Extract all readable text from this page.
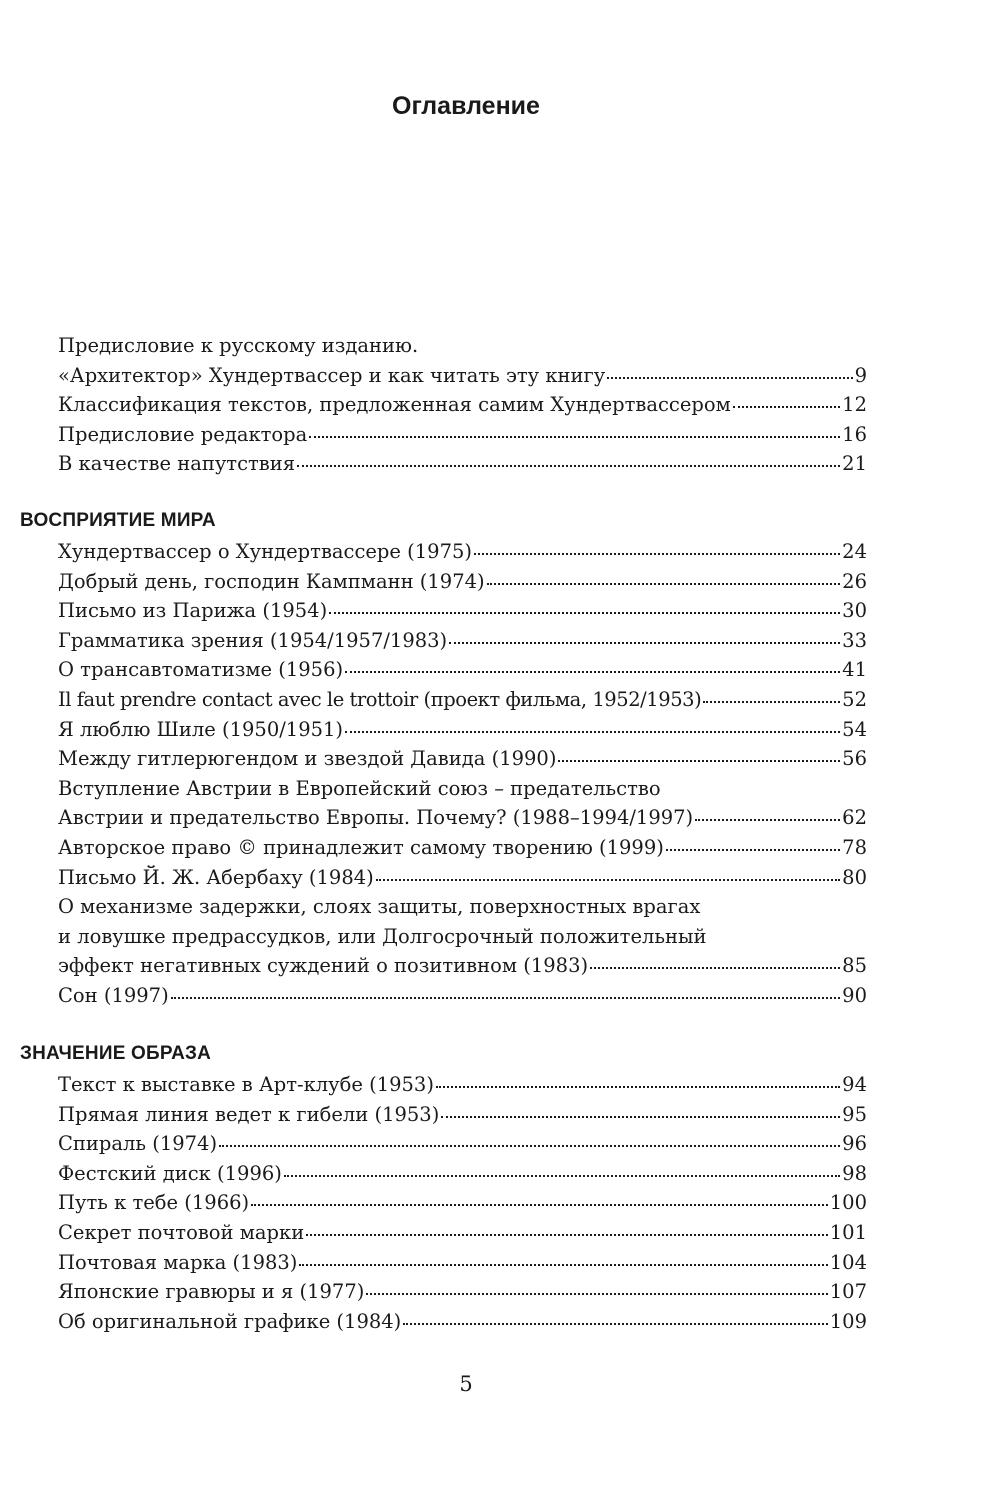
Оглавление
Предисловие к русскому изданию.
«Архитектор» Хундертвассер и как читать эту книгу	9
Классификация текстов, предложенная самим Хундертвассером	12
Предисловие редактора	16
В качестве напутствия	21
ВОСПРИЯТИЕ МИРА
Хундертвассер о Хундертвассере (1975)	24
Добрый день, господин Кампманн (1974)	26
Письмо из Парижа (1954)	30
Грамматика зрения (1954/1957/1983)	33
О трансавтоматизме (1956)	41
Il faut prendre contact avec le trottoir (проект фильма, 1952/1953)	52
Я люблю Шиле (1950/1951)	54
Между гитлерюгендом и звездой Давида (1990)	56
Вступление Австрии в Европейский союз – предательство
Австрии и предательство Европы. Почему? (1988–1994/1997)	62
Авторское право © принадлежит самому творению (1999)	78
Письмо Й. Ж. Абербаху (1984)	80
О механизме задержки, слоях защиты, поверхностных врагах
и ловушке предрассудков, или Долгосрочный положительный
эффект негативных суждений о позитивном (1983)	85
Сон (1997)	90
ЗНАЧЕНИЕ ОБРАЗА
Текст к выставке в Арт-клубе (1953)	94
Прямая линия ведет к гибели (1953)	95
Спираль (1974)	96
Фестский диск (1996)	98
Путь к тебе (1966)	100
Секрет почтовой марки	101
Почтовая марка (1983)	104
Японские гравюры и я (1977)	107
Об оригинальной графике (1984)	109
5
